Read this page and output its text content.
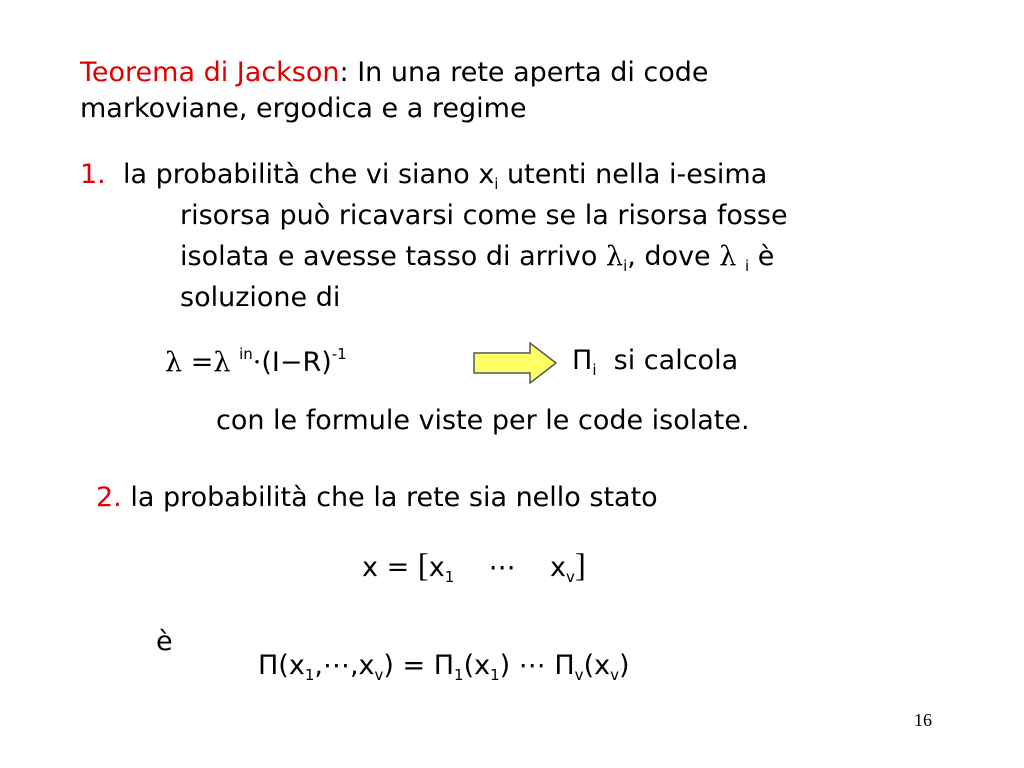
Teorema di Jackson: In una rete aperta di code
markoviane, ergodica e a regime
1. la probabilità che vi siano $x_i$ utenti nella i-esima
risorsa può ricavarsi come se la risorsa fosse
isolata e avesse tasso di arrivo $\lambda_i$, dove λ $_i$ è
soluzione di
λ =λ $^{in}\cdot(I-R)^{-1}$	$\Pi_i$ si calcola
con le formule viste per le code isolate.
2. la probabilità che la rete sia nello stato
$x = [x_1$ ⋯ $x_v$]
è
$\Pi(x_1,\cdots,x_v) = \Pi_1(x_1)$ ⋯ $\Pi_v(x_v)$
16
